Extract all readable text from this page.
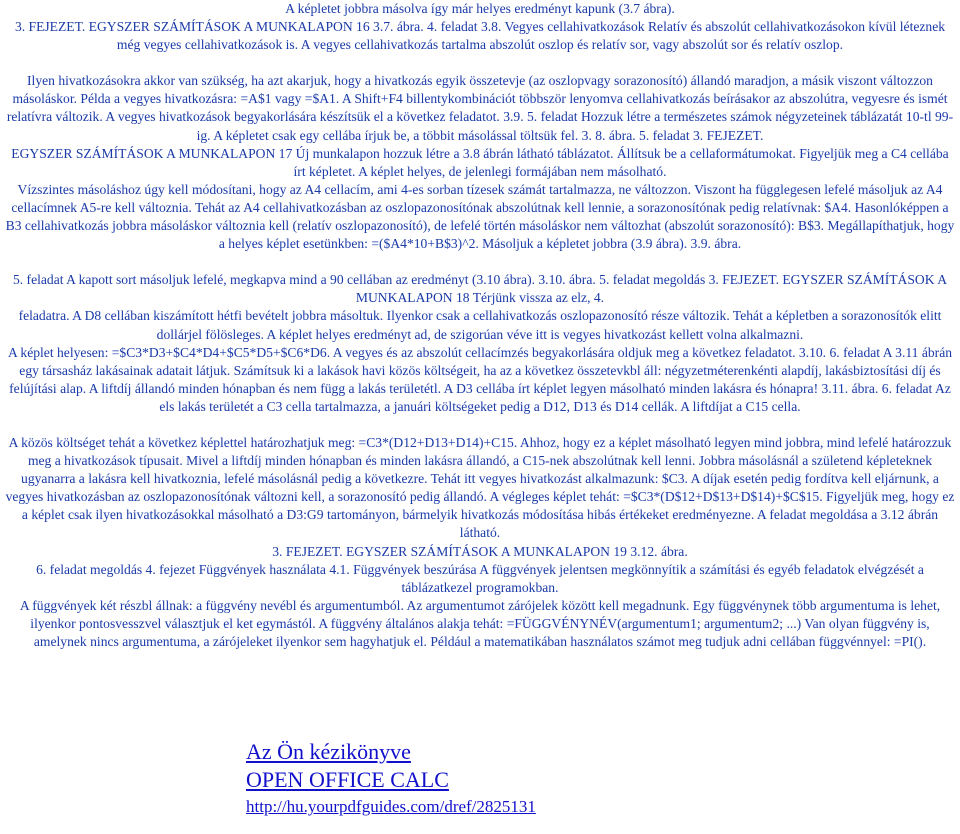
A képletet jobbra másolva így már helyes eredményt kapunk (3.7 ábra).

3. FEJEZET. EGYSZER SZÁMÍTÁSOK A MUNKALAPON 16 3.7. ábra. 4. feladat 3.8. Vegyes cellahivatkozások Relatív és abszolút cellahivatkozásokon kívül léteznek még vegyes cellahivatkozások is. A vegyes cellahivatkozás tartalma abszolút oszlop és relatív sor, vagy abszolút sor és relatív oszlop.

Ilyen hivatkozásokra akkor van szükség, ha azt akarjuk, hogy a hivatkozás egyik összetevje (az oszlopvagy sorazonosító) állandó maradjon, a másik viszont változzon másoláskor. Példa a vegyes hivatkozásra: =A$1 vagy =$A1. A Shift+F4 billentykombinációt többször lenyomva cellahivatkozás beírásakor az abszolútra, vegyesre és ismét relatívra változik. A vegyes hivatkozások begyakorlására készítsük el a következ feladatot. 3.9. 5. feladat Hozzuk létre a természetes számok négyzeteinek táblázatát 10-tl 99-ig. A képletet csak egy cellába írjuk be, a többit másolással töltsük fel. 3. 8. ábra. 5. feladat 3. FEJEZET.

EGYSZER SZÁMÍTÁSOK A MUNKALAPON 17 Új munkalapon hozzuk létre a 3.8 ábrán látható táblázatot. Állítsuk be a cellaformátumokat. Figyeljük meg a C4 cellába írt képletet. A képlet helyes, de jelenlegi formájában nem másolható.

Vízszintes másoláshoz úgy kell módosítani, hogy az A4 cellacím, ami 4-es sorban tízesek számát tartalmazza, ne változzon. Viszont ha függlegesen lefelé másoljuk az A4 cellacímnek A5-re kell változnia. Tehát az A4 cellahivatkozásban az oszlopazonosítónak abszolútnak kell lennie, a sorazonosítónak pedig relatívnak: $A4. Hasonlóképpen a B3 cellahivatkozás jobbra másoláskor változnia kell (relatív oszlopazonosító), de lefelé történ másoláskor nem változhat (abszolút sorazonosító): B$3. Megállapíthatjuk, hogy a helyes képlet esetünkben: =($A4*10+B$3)^2. Másoljuk a képletet jobbra (3.9 ábra). 3.9. ábra.

5. feladat A kapott sort másoljuk lefelé, megkapva mind a 90 cellában az eredményt (3.10 ábra). 3.10. ábra. 5. feladat megoldás 3. FEJEZET. EGYSZER SZÁMÍTÁSOK A MUNKALAPON 18 Térjünk vissza az elz, 4.

feladatra. A D8 cellában kiszámított hétfi bevételt jobbra másoltuk. Ilyenkor csak a cellahivatkozás oszlopazonosító része változik. Tehát a képletben a sorazonosítók elitt dollárjel fölösleges. A képlet helyes eredményt ad, de szigorúan véve itt is vegyes hivatkozást kellett volna alkalmazni.

A képlet helyesen: =$C3*D3+$C4*D4+$C5*D5+$C6*D6. A vegyes és az abszolút cellacímzés begyakorlására oldjuk meg a következ feladatot. 3.10. 6. feladat A 3.11 ábrán egy társasház lakásainak adatait látjuk. Számítsuk ki a lakások havi közös költségeit, ha az a következ összetevkbl áll: négyzetméterenkénti alapdíj, lakásbiztosítási díj és felújítási alap. A liftdíj állandó minden hónapban és nem függ a lakás területétl. A D3 cellába írt képlet legyen másolható minden lakásra és hónapra! 3.11. ábra. 6. feladat Az els lakás területét a C3 cella tartalmazza, a januári költségeket pedig a D12, D13 és D14 cellák. A liftdíjat a C15 cella.

A közös költséget tehát a következ képlettel határozhatjuk meg: =C3*(D12+D13+D14)+C15. Ahhoz, hogy ez a képlet másolható legyen mind jobbra, mind lefelé határozzuk meg a hivatkozások típusait. Mivel a liftdíj minden hónapban és minden lakásra állandó, a C15-nek abszolútnak kell lenni. Jobbra másolásnál a születend képleteknek ugyanarra a lakásra kell hivatkoznia, lefelé másolásnál pedig a következre. Tehát itt vegyes hivatkozást alkalmazunk: $C3. A díjak esetén pedig fordítva kell eljárnunk, a vegyes hivatkozásban az oszlopazonosítónak változni kell, a sorazonosító pedig állandó. A végleges képlet tehát: =$C3*(D$12+D$13+D$14)+$C$15. Figyeljük meg, hogy ez a képlet csak ilyen hivatkozásokkal másolható a D3:G9 tartományon, bármelyik hivatkozás módosítása hibás értékeket eredményezne. A feladat megoldása a 3.12 ábrán látható.

3. FEJEZET. EGYSZER SZÁMÍTÁSOK A MUNKALAPON 19 3.12. ábra.

6. feladat megoldás 4. fejezet Függvények használata 4.1. Függvények beszúrása A függvények jelentsen megkönnyítik a számítási és egyéb feladatok elvégzését a táblázatkezel programokban.

A függvények két részbl állnak: a függvény nevébl és argumentumból. Az argumentumot zárójelek között kell megadnunk. Egy függvénynek több argumentuma is lehet, ilyenkor pontosvesszvel választjuk el ket egymástól. A függvény általános alakja tehát: =FÜGGVÉNYNÉV(argumentum1; argumentum2; ...) Van olyan függvény is, amelynek nincs argumentuma, a zárójeleket ilyenkor sem hagyhatjuk el. Például a matematikában használatos számot meg tudjuk adni cellában függvénnyel: =PI().

Az Ön kézikönyve
OPEN OFFICE CALC
http://hu.yourpdfguides.com/dref/2825131
